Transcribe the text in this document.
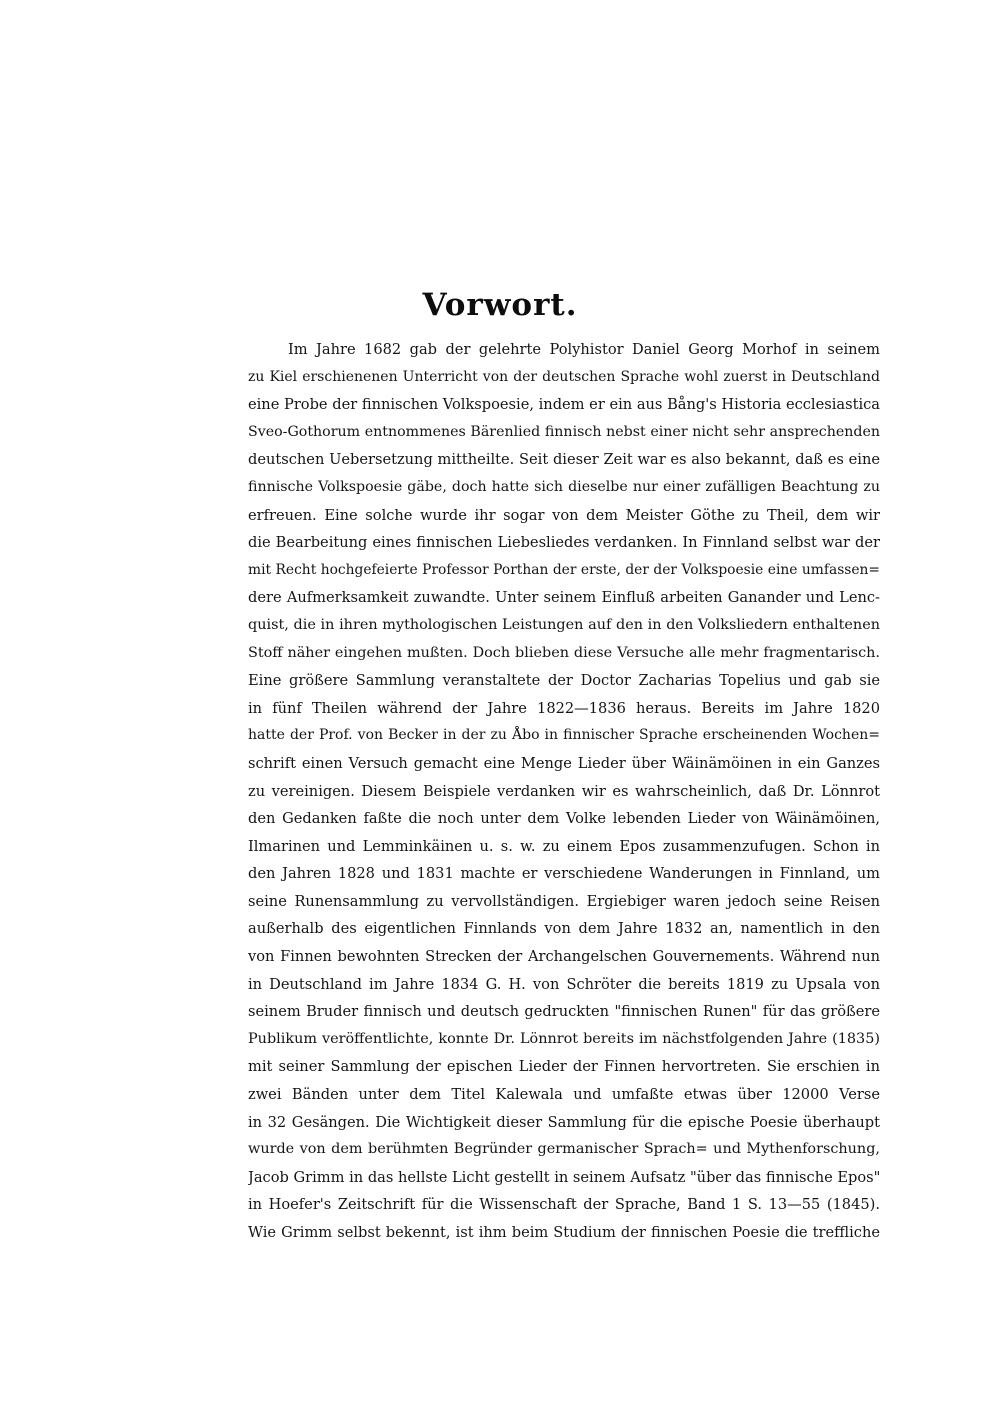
Vorwort.
Im Jahre 1682 gab der gelehrte Polyhistor Daniel Georg Morhof in seinem
zu Kiel erschienenen Unterricht von der deutschen Sprache wohl zuerst in Deutschland
eine Probe der finnischen Volkspoesie, indem er ein aus Bång's Historia ecclesiastica
Sveo-Gothorum entnommenes Bärenlied finnisch nebst einer nicht sehr ansprechenden
deutschen Uebersetzung mittheilte. Seit dieser Zeit war es also bekannt, daß es eine
finnische Volkspoesie gäbe, doch hatte sich dieselbe nur einer zufälligen Beachtung zu
erfreuen. Eine solche wurde ihr sogar von dem Meister Göthe zu Theil, dem wir
die Bearbeitung eines finnischen Liebesliedes verdanken. In Finnland selbst war der
mit Recht hochgefeierte Professor Porthan der erste, der der Volkspoesie eine umfassen=
dere Aufmerksamkeit zuwandte. Unter seinem Einfluß arbeiten Ganander und Lenc-
quist, die in ihren mythologischen Leistungen auf den in den Volksliedern enthaltenen
Stoff näher eingehen mußten. Doch blieben diese Versuche alle mehr fragmentarisch.
Eine größere Sammlung veranstaltete der Doctor Zacharias Topelius und gab sie
in fünf Theilen während der Jahre 1822—1836 heraus. Bereits im Jahre 1820
hatte der Prof. von Becker in der zu Åbo in finnischer Sprache erscheinenden Wochen=
schrift einen Versuch gemacht eine Menge Lieder über Wäinämöinen in ein Ganzes
zu vereinigen. Diesem Beispiele verdanken wir es wahrscheinlich, daß Dr. Lönnrot
den Gedanken faßte die noch unter dem Volke lebenden Lieder von Wäinämöinen,
Ilmarinen und Lemminkäinen u. s. w. zu einem Epos zusammenzufugen. Schon in
den Jahren 1828 und 1831 machte er verschiedene Wanderungen in Finnland, um
seine Runensammlung zu vervollständigen. Ergiebiger waren jedoch seine Reisen
außerhalb des eigentlichen Finnlands von dem Jahre 1832 an, namentlich in den
von Finnen bewohnten Strecken der Archangelschen Gouvernements. Während nun
in Deutschland im Jahre 1834 G. H. von Schröter die bereits 1819 zu Upsala von
seinem Bruder finnisch und deutsch gedruckten "finnischen Runen" für das größere
Publikum veröffentlichte, konnte Dr. Lönnrot bereits im nächstfolgenden Jahre (1835)
mit seiner Sammlung der epischen Lieder der Finnen hervortreten. Sie erschien in
zwei Bänden unter dem Titel Kalewala und umfaßte etwas über 12000 Verse
in 32 Gesängen. Die Wichtigkeit dieser Sammlung für die epische Poesie überhaupt
wurde von dem berühmten Begründer germanischer Sprach= und Mythenforschung,
Jacob Grimm in das hellste Licht gestellt in seinem Aufsatz "über das finnische Epos"
in Hoefer's Zeitschrift für die Wissenschaft der Sprache, Band 1 S. 13—55 (1845).
Wie Grimm selbst bekennt, ist ihm beim Studium der finnischen Poesie die treffliche
